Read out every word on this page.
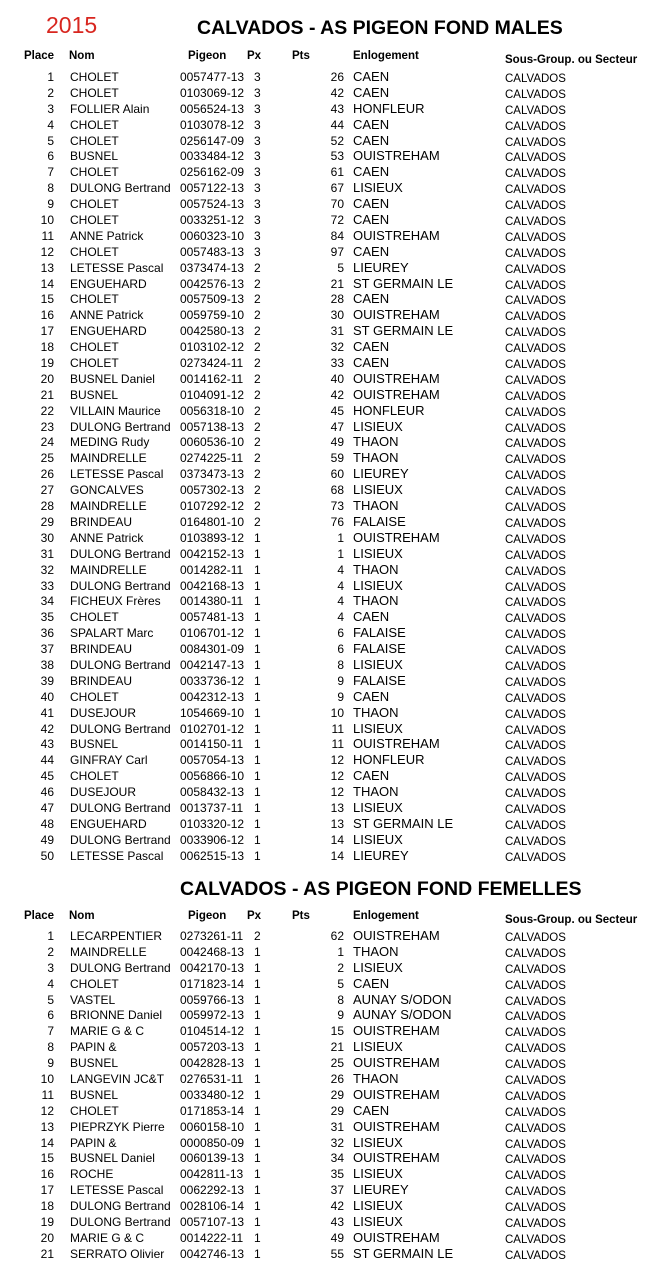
2015	CALVADOS - AS PIGEON FOND MALES
Place Nom	Pigeon Px	Pts	Enlogement	Sous-Group. ou Secteur
1 CHOLET	0057477-13 3	26 CAEN	CALVADOS
2 CHOLET	0103069-12 3	42 CAEN	CALVADOS
3 FOLLIER Alain	0056524-13 3	43 HONFLEUR	CALVADOS
4 CHOLET	0103078-12 3	44 CAEN	CALVADOS
5 CHOLET	0256147-09 3	52 CAEN	CALVADOS
6 BUSNEL	0033484-12 3	53 OUISTREHAM	CALVADOS
7 CHOLET	0256162-09 3	61 CAEN	CALVADOS
8 DULONG Bertrand 0057122-13 3	67 LISIEUX	CALVADOS
9 CHOLET	0057524-13 3	70 CAEN	CALVADOS
10 CHOLET	0033251-12 3	72 CAEN	CALVADOS
11 ANNE Patrick	0060323-10 3	84 OUISTREHAM	CALVADOS
12 CHOLET	0057483-13 3	97 CAEN	CALVADOS
13 LETESSE Pascal	0373474-13 2	5 LIEUREY	CALVADOS
14 ENGUEHARD	0042576-13 2	21 ST GERMAIN LE	CALVADOS
15 CHOLET	0057509-13 2	28 CAEN	CALVADOS
16 ANNE Patrick	0059759-10 2	30 OUISTREHAM	CALVADOS
17 ENGUEHARD	0042580-13 2	31 ST GERMAIN LE	CALVADOS
18 CHOLET	0103102-12 2	32 CAEN	CALVADOS
19 CHOLET	0273424-11 2	33 CAEN	CALVADOS
20 BUSNEL Daniel	0014162-11 2	40 OUISTREHAM	CALVADOS
21 BUSNEL	0104091-12 2	42 OUISTREHAM	CALVADOS
22 VILLAIN Maurice	0056318-10 2	45 HONFLEUR	CALVADOS
23 DULONG Bertrand 0057138-13 2	47 LISIEUX	CALVADOS
24 MEDING Rudy	0060536-10 2	49 THAON	CALVADOS
25 MAINDRELLE	0274225-11 2	59 THAON	CALVADOS
26 LETESSE Pascal	0373473-13 2	60 LIEUREY	CALVADOS
27 GONCALVES	0057302-13 2	68 LISIEUX	CALVADOS
28 MAINDRELLE	0107292-12 2	73 THAON	CALVADOS
29 BRINDEAU	0164801-10 2	76 FALAISE	CALVADOS
30 ANNE Patrick	0103893-12 1	1 OUISTREHAM	CALVADOS
31 DULONG Bertrand 0042152-13 1	1 LISIEUX	CALVADOS
32 MAINDRELLE	0014282-11 1	4 THAON	CALVADOS
33 DULONG Bertrand 0042168-13 1	4 LISIEUX	CALVADOS
34 FICHEUX Frères	0014380-11 1	4 THAON	CALVADOS
35 CHOLET	0057481-13 1	4 CAEN	CALVADOS
36 SPALART Marc	0106701-12 1	6 FALAISE	CALVADOS
37 BRINDEAU	0084301-09 1	6 FALAISE	CALVADOS
38 DULONG Bertrand 0042147-13 1	8 LISIEUX	CALVADOS
39 BRINDEAU	0033736-12 1	9 FALAISE	CALVADOS
40 CHOLET	0042312-13 1	9 CAEN	CALVADOS
41 DUSEJOUR	1054669-10 1	10 THAON	CALVADOS
42 DULONG Bertrand 0102701-12 1	11 LISIEUX	CALVADOS
43 BUSNEL	0014150-11 1	11 OUISTREHAM	CALVADOS
44 GINFRAY Carl	0057054-13 1	12 HONFLEUR	CALVADOS
45 CHOLET	0056866-10 1	12 CAEN	CALVADOS
46 DUSEJOUR	0058432-13 1	12 THAON	CALVADOS
47 DULONG Bertrand 0013737-11 1	13 LISIEUX	CALVADOS
48 ENGUEHARD	0103320-12 1	13 ST GERMAIN LE	CALVADOS
49 DULONG Bertrand 0033906-12 1	14 LISIEUX	CALVADOS
50 LETESSE Pascal	0062515-13 1	14 LIEUREY	CALVADOS
CALVADOS - AS PIGEON FOND FEMELLES
Place Nom	Pigeon Px	Pts	Enlogement	Sous-Group. ou Secteur
1 LECARPENTIER	0273261-11 2	62 OUISTREHAM	CALVADOS
2 MAINDRELLE	0042468-13 1	1 THAON	CALVADOS
3 DULONG Bertrand 0042170-13 1	2 LISIEUX	CALVADOS
4 CHOLET	0171823-14 1	5 CAEN	CALVADOS
5 VASTEL	0059766-13 1	8 AUNAY S/ODON	CALVADOS
6 BRIONNE Daniel	0059972-13 1	9 AUNAY S/ODON	CALVADOS
7 MARIE G & C	0104514-12 1	15 OUISTREHAM	CALVADOS
8 PAPIN &	0057203-13 1	21 LISIEUX	CALVADOS
9 BUSNEL	0042828-13 1	25 OUISTREHAM	CALVADOS
10 LANGEVIN JC&T	0276531-11 1	26 THAON	CALVADOS
11 BUSNEL	0033480-12 1	29 OUISTREHAM	CALVADOS
12 CHOLET	0171853-14 1	29 CAEN	CALVADOS
13 PIEPRZYK Pierre	0060158-10 1	31 OUISTREHAM	CALVADOS
14 PAPIN &	0000850-09 1	32 LISIEUX	CALVADOS
15 BUSNEL Daniel	0060139-13 1	34 OUISTREHAM	CALVADOS
16 ROCHE	0042811-13 1	35 LISIEUX	CALVADOS
17 LETESSE Pascal	0062292-13 1	37 LIEUREY	CALVADOS
18 DULONG Bertrand 0028106-14 1	42 LISIEUX	CALVADOS
19 DULONG Bertrand 0057107-13 1	43 LISIEUX	CALVADOS
20 MARIE G & C	0014222-11 1	49 OUISTREHAM	CALVADOS
21 SERRATO Olivier	0042746-13 1	55 ST GERMAIN LE	CALVADOS
